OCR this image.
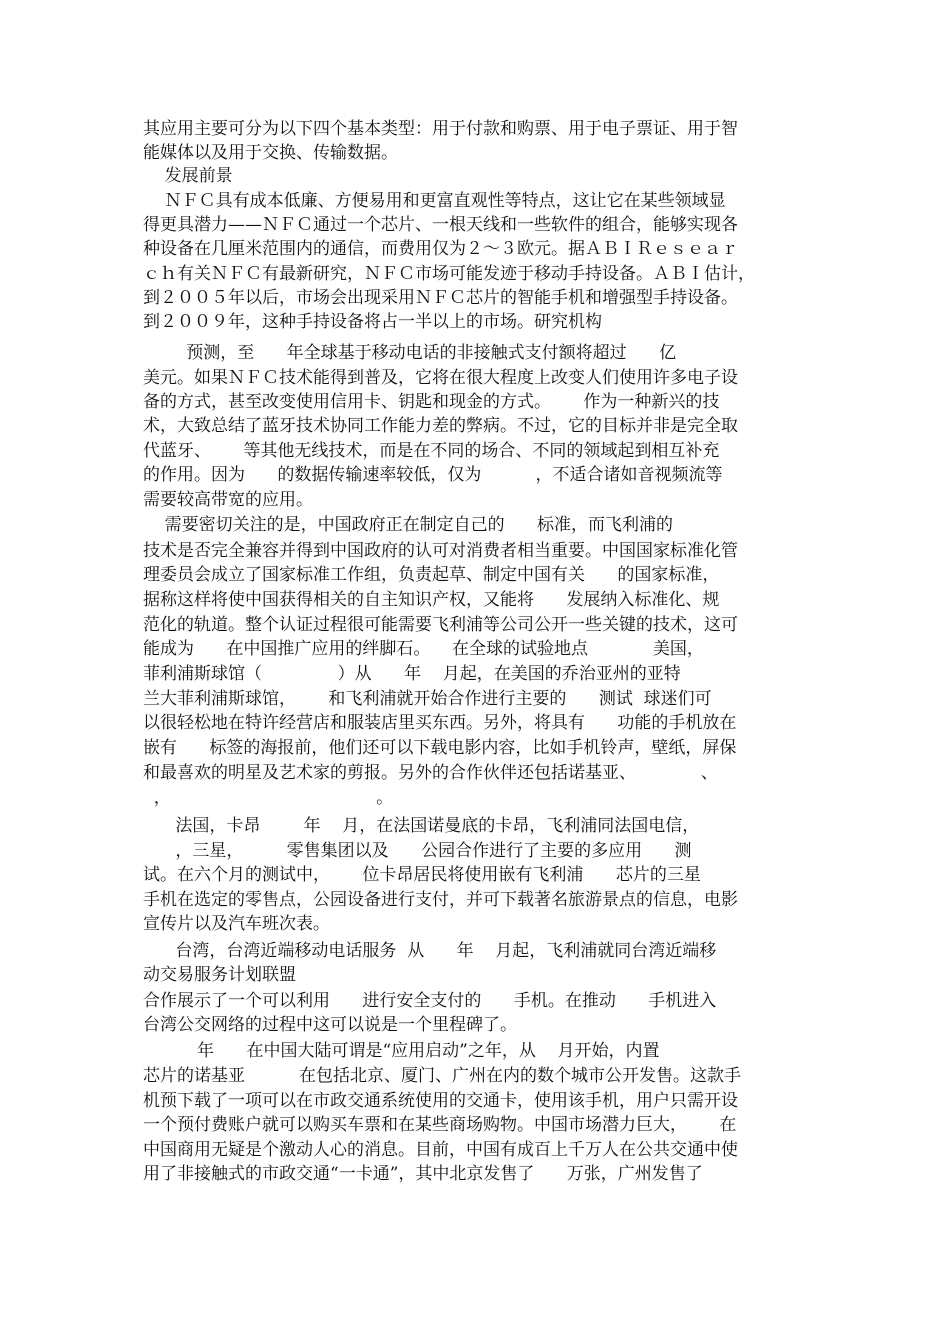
其应用主要可分为以下四个基本类型：用于付款和购票、用于电子票证、用于智
能媒体以及用于交换、传输数据。
发展前景
ＮＦＣ具有成本低廉、方便易用和更富直观性等特点，这让它在某些领域显
得更具潜力——ＮＦＣ通过一个芯片、一根天线和一些软件的组合，能够实现各
种设备在几厘米范围内的通信，而费用仅为２～３欧元。据ＡＢＩＲｅｓｅａｒ
ｃｈ有关ＮＦＣ有最新研究，ＮＦＣ市场可能发迹于移动手持设备。ＡＢＩ估计，
到２００５年以后，市场会出现采用ＮＦＣ芯片的智能手机和增强型手持设备。
到２００９年，这种手持设备将占一半以上的市场。研究机构
预测，至      年全球基于移动电话的非接触式支付额将超过      亿
美元。如果ＮＦＣ技术能得到普及，它将在很大程度上改变人们使用许多电子设
备的方式，甚至改变使用信用卡、钥匙和现金的方式。      作为一种新兴的技
术，大致总结了蓝牙技术协同工作能力差的弊病。不过，它的目标并非是完全取
代蓝牙、      等其他无线技术，而是在不同的场合、不同的领域起到相互补充
的作用。因为      的数据传输速率较低，仅为          ，不适合诸如音视频流等
需要较高带宽的应用。
需要密切关注的是，中国政府正在制定自己的      标准，而飞利浦的
技术是否完全兼容并得到中国政府的认可对消费者相当重要。中国国家标准化管
理委员会成立了国家标准工作组，负责起草、制定中国有关      的国家标准，
据称这样将使中国获得相关的自主知识产权，又能将      发展纳入标准化、规
范化的轨道。整个认证过程很可能需要飞利浦等公司公开一些关键的技术，这可
能成为      在中国推广应用的绊脚石。    在全球的试验地点            美国，
菲利浦斯球馆（              ）从      年    月起，在美国的乔治亚州的亚特
兰大菲利浦斯球馆，      和飞利浦就开始合作进行主要的      测试  球迷们可
以很轻松地在特许经营店和服装店里买东西。另外，将具有      功能的手机放在
嵌有      标签的海报前，他们还可以下载电影内容，比如手机铃声，壁纸，屏保
和最喜欢的明星及艺术家的剪报。另外的合作伙伴还包括诺基亚、            、
，                                      。
法国，卡昂        年    月，在法国诺曼底的卡昂，飞利浦同法国电信，
，三星，        零售集团以及      公园合作进行了主要的多应用      测
试。在六个月的测试中，      位卡昂居民将使用嵌有飞利浦      芯片的三星
手机在选定的零售点，公园设备进行支付，并可下载著名旅游景点的信息，电影
宣传片以及汽车班次表。
台湾，台湾近端移动电话服务  从      年    月起，飞利浦就同台湾近端移
动交易服务计划联盟
合作展示了一个可以利用      进行安全支付的      手机。在推动      手机进入
台湾公交网络的过程中这可以说是一个里程碑了。
年      在中国大陆可谓是“应用启动”之年，从    月开始，内置
芯片的诺基亚          在包括北京、厦门、广州在内的数个城市公开发售。这款手
机预下载了一项可以在市政交通系统使用的交通卡，使用该手机，用户只需开设
一个预付费账户就可以购买车票和在某些商场购物。中国市场潜力巨大，      在
中国商用无疑是个激动人心的消息。目前，中国有成百上千万人在公共交通中使
用了非接触式的市政交通“一卡通”，其中北京发售了      万张，广州发售了
